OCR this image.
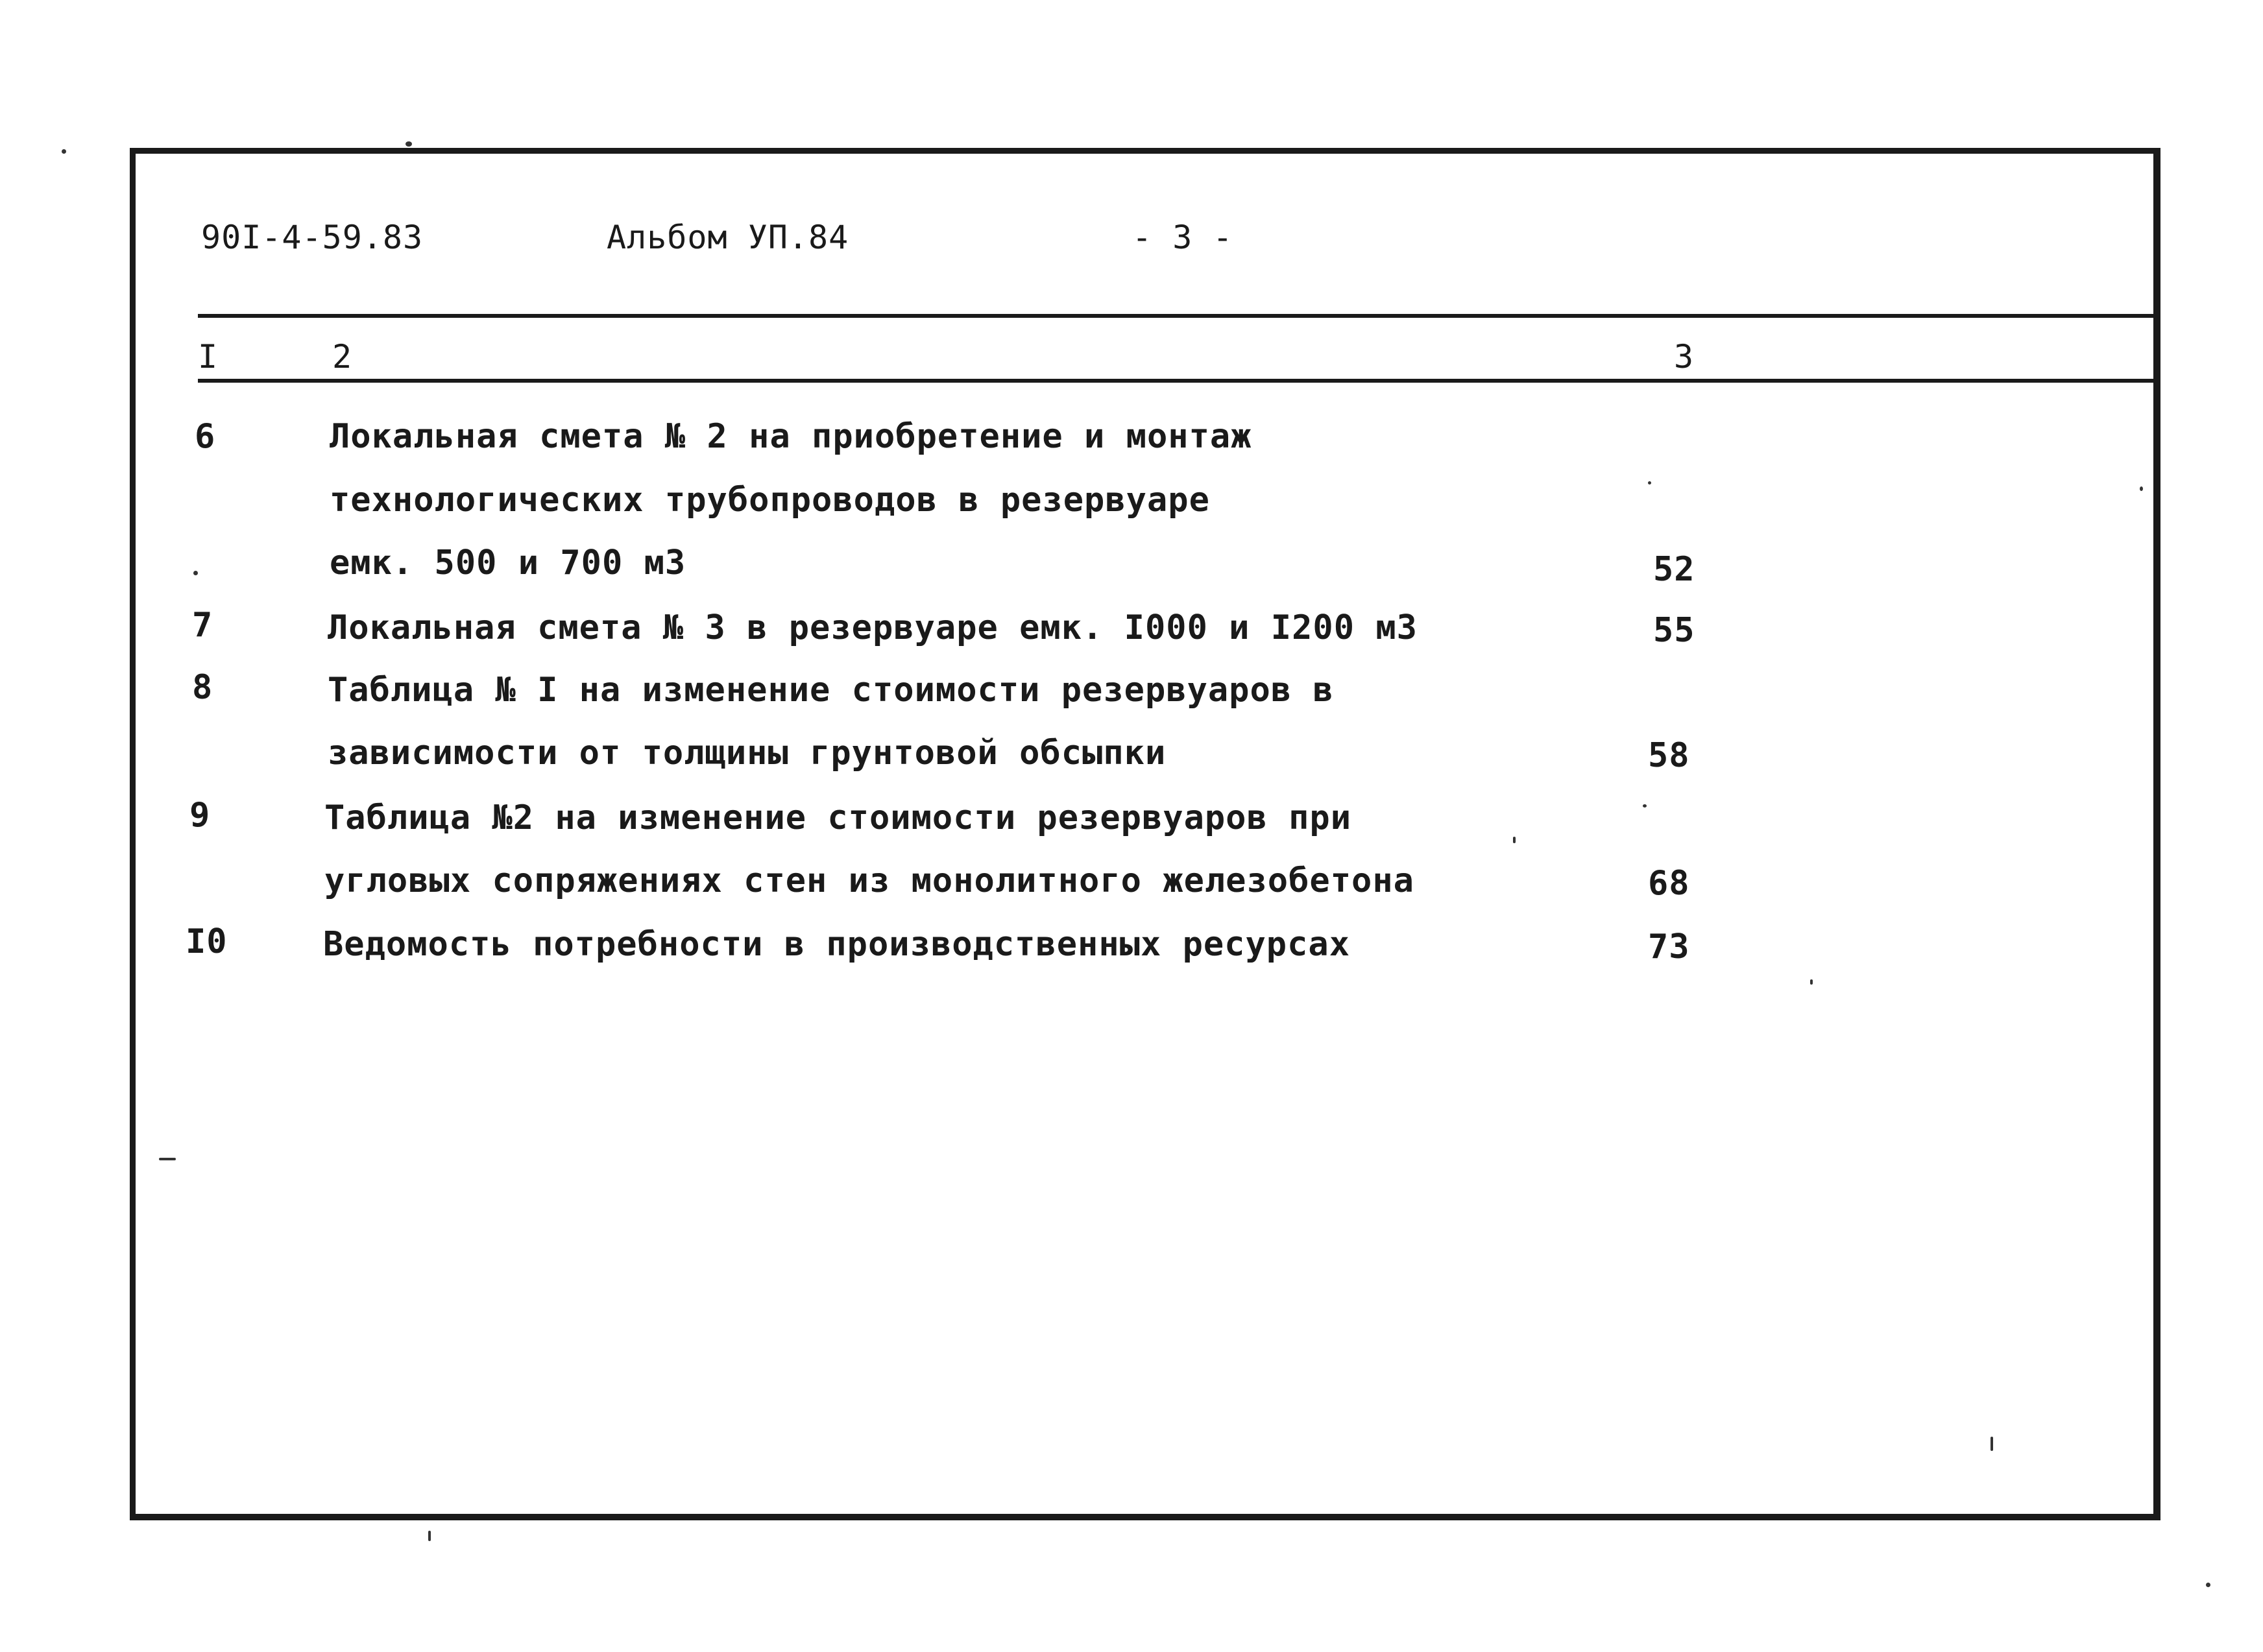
90I-4-59.83	Альбом УП.84	- 3 -
I	2	3
6	Локальная смета № 2 на приобретение и монтаж
технологических трубопроводов в резервуаре
емк. 500 и 700 м3	52
7	Локальная смета № 3 в резервуаре емк. I000 и I200 м3	55
8	Таблица № I на изменение стоимости резервуаров в
зависимости от толщины грунтовой обсыпки	58
9	Таблица №2 на изменение стоимости резервуаров при
угловых сопряжениях стен из монолитного железобетона	68
I0	Ведомость потребности в производственных ресурсах	73
